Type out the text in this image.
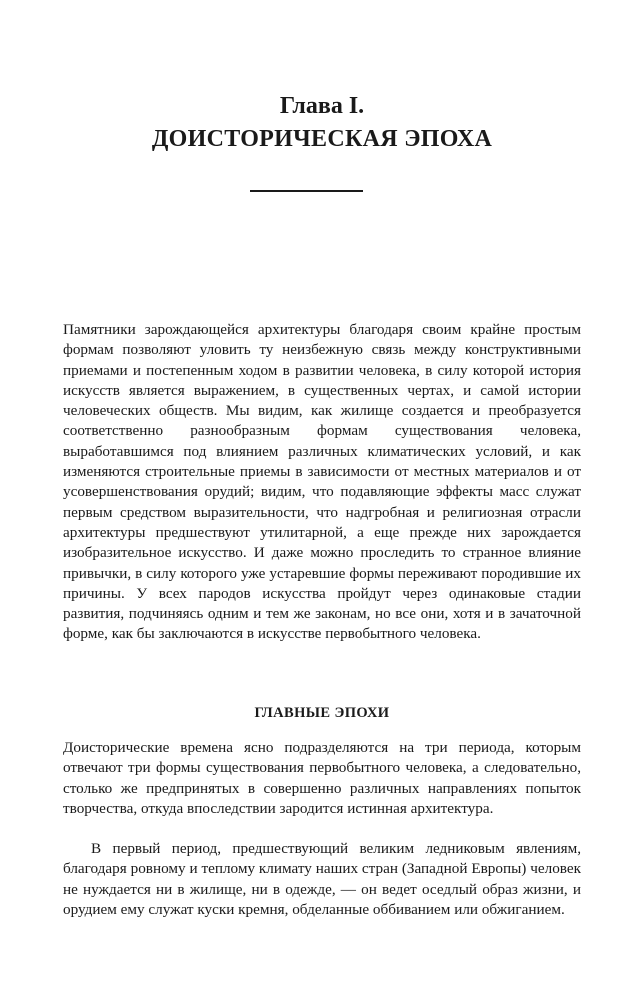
Глава I.
ДОИСТОРИЧЕСКАЯ ЭПОХА

Памятники зарождающейся архитектуры благодаря своим крайне простым формам позволяют уловить ту неизбежную связь между конструктивными приемами и постепенным ходом в развитии человека, в силу которой история искусств является выражением, в существенных чертах, и самой истории человеческих обществ. Мы видим, как жилище создается и преобразуется соответственно разнообразным формам существования человека, выработавшимся под влиянием различных климатических условий, и как изменяются строительные приемы в зависимости от местных материалов и от усовершенствования орудий; видим, что подавляющие эффекты масс служат первым средством выразительности, что надгробная и религиозная отрасли архитектуры предшествуют утилитарной, а еще прежде них зарождается изобразительное искусство. И даже можно проследить то странное влияние привычки, в силу которого уже устаревшие формы переживают породившие их причины. У всех пародов искусства пройдут через одинаковые стадии развития, подчиняясь одним и тем же законам, но все они, хотя и в зачаточной форме, как бы заключаются в искусстве первобытного человека.

ГЛАВНЫЕ ЭПОХИ

Доисторические времена ясно подразделяются на три периода, которым отвечают три формы существования первобытного человека, а следовательно, столько же предпринятых в совершенно различных направлениях попыток творчества, откуда впоследствии зародится истинная архитектура.

В первый период, предшествующий великим ледниковым явлениям, благодаря ровному и теплому климату наших стран (Западной Европы) человек не нуждается ни в жилище, ни в одежде, — он ведет оседлый образ жизни, и орудием ему служат куски кремня, обделанные оббиванием или обжиганием.
